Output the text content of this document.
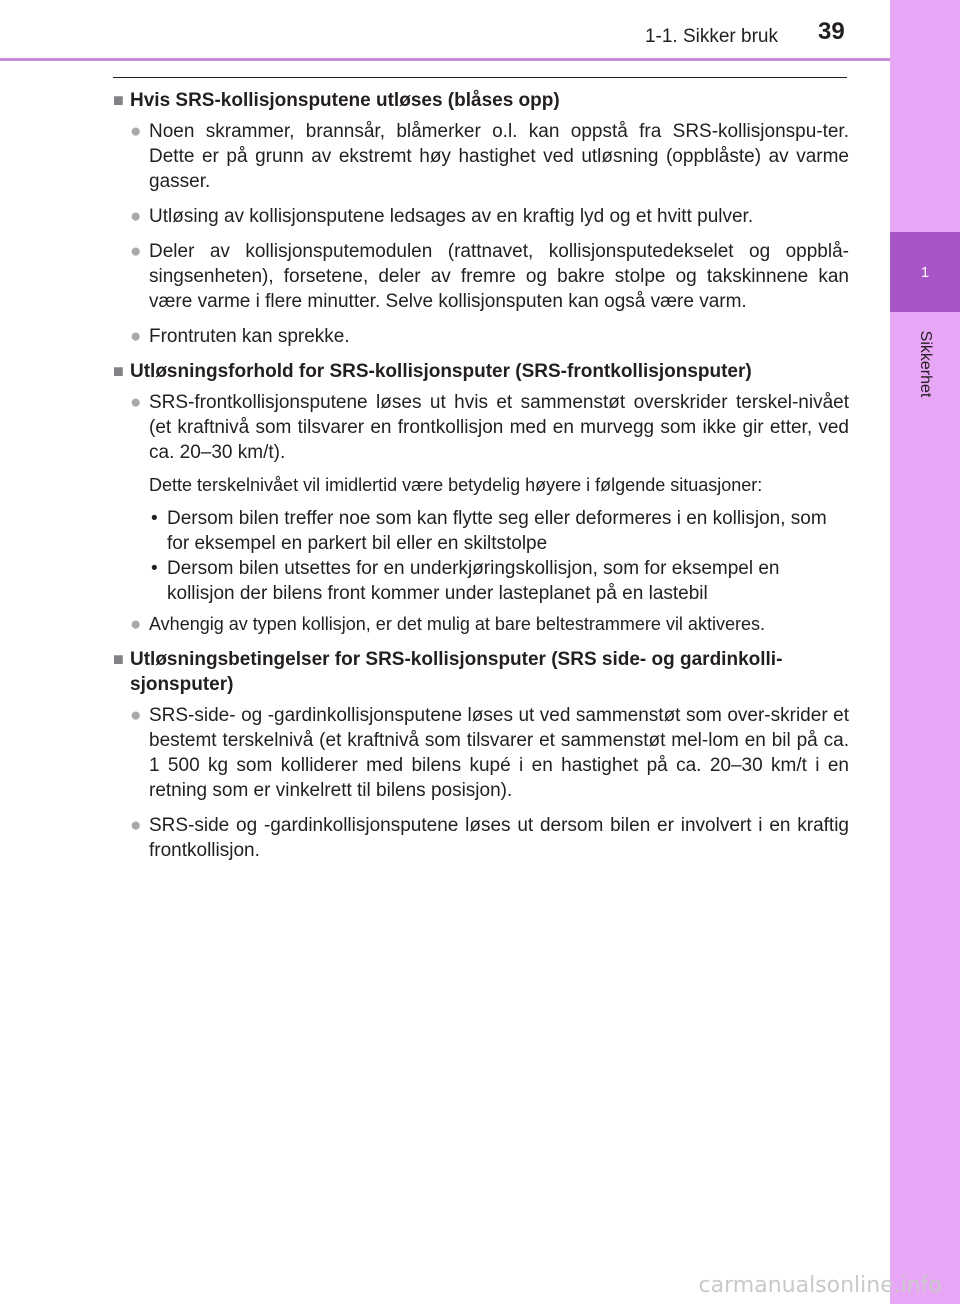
1-1. Sikker bruk 39
1
Sikkerhet
■ Hvis SRS-kollisjonsputene utløses (blåses opp)
● Noen skrammer, brannsår, blåmerker o.l. kan oppstå fra SRS-kollisjonspu-ter. Dette er på grunn av ekstremt høy hastighet ved utløsning (oppblåste) av varme gasser.
● Utløsing av kollisjonsputene ledsages av en kraftig lyd og et hvitt pulver.
● Deler av kollisjonsputemodulen (rattnavet, kollisjonsputedekselet og oppblå-singsenheten), forsetene, deler av fremre og bakre stolpe og takskinnene kan være varme i flere minutter. Selve kollisjonsputen kan også være varm.
● Frontruten kan sprekke.
■ Utløsningsforhold for SRS-kollisjonsputer (SRS-frontkollisjonsputer)
● SRS-frontkollisjonsputene løses ut hvis et sammenstøt overskrider terskel-nivået (et kraftnivå som tilsvarer en frontkollisjon med en murvegg som ikke gir etter, ved ca. 20–30 km/t).
Dette terskelnivået vil imidlertid være betydelig høyere i følgende situasjoner:
• Dersom bilen treffer noe som kan flytte seg eller deformeres i en kollisjon, som for eksempel en parkert bil eller en skiltstolpe
• Dersom bilen utsettes for en underkjøringskollisjon, som for eksempel en kollisjon der bilens front kommer under lasteplanet på en lastebil
● Avhengig av typen kollisjon, er det mulig at bare beltestrammere vil aktiveres.
■ Utløsningsbetingelser for SRS-kollisjonsputer (SRS side- og gardinkolli-sjonsputer)
● SRS-side- og -gardinkollisjonsputene løses ut ved sammenstøt som over-skrider et bestemt terskelnivå (et kraftnivå som tilsvarer et sammenstøt mel-lom en bil på ca. 1 500 kg som kolliderer med bilens kupé i en hastighet på ca. 20–30 km/t i en retning som er vinkelrett til bilens posisjon).
● SRS-side og -gardinkollisjonsputene løses ut dersom bilen er involvert i en kraftig frontkollisjon.
carmanualsonline.info
